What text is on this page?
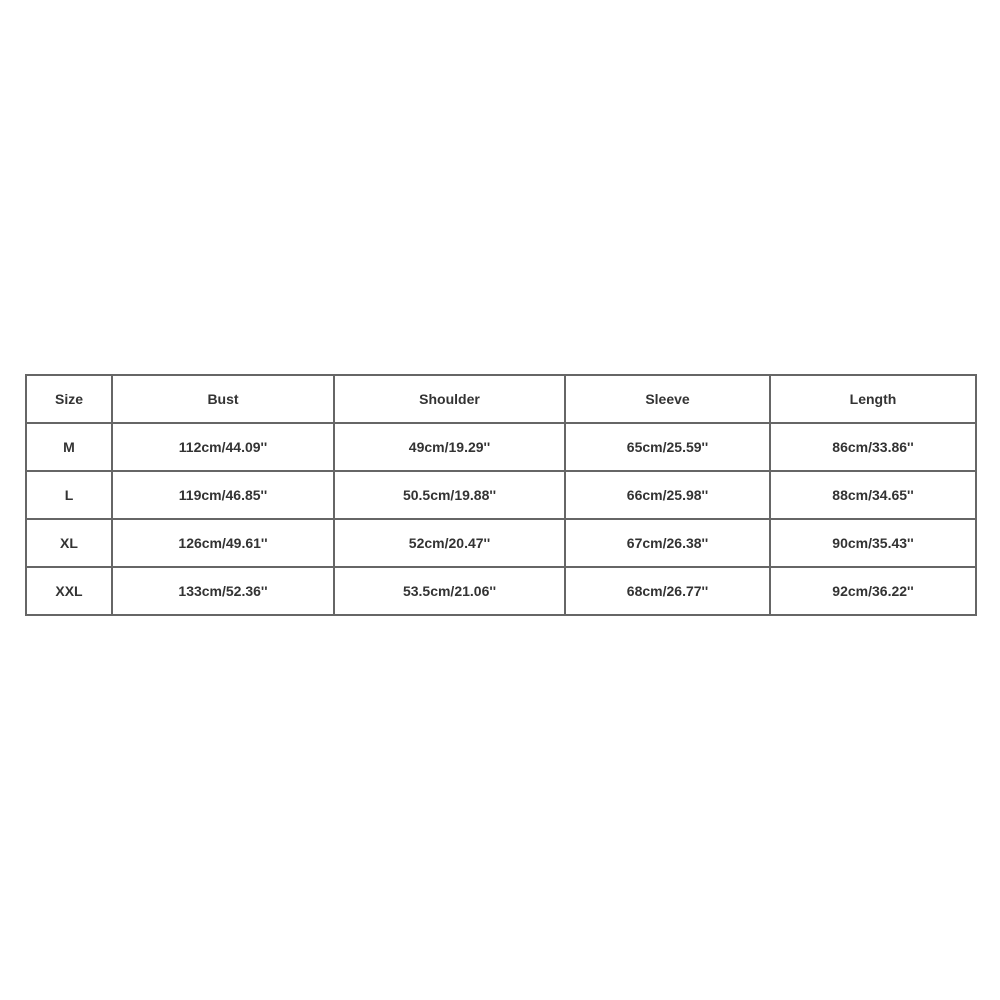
Size	Bust	Shoulder	Sleeve	Length
M	112cm/44.09''	49cm/19.29''	65cm/25.59''	86cm/33.86''
L	119cm/46.85''	50.5cm/19.88''	66cm/25.98''	88cm/34.65''
XL	126cm/49.61''	52cm/20.47''	67cm/26.38''	90cm/35.43''
XXL	133cm/52.36''	53.5cm/21.06''	68cm/26.77''	92cm/36.22''
